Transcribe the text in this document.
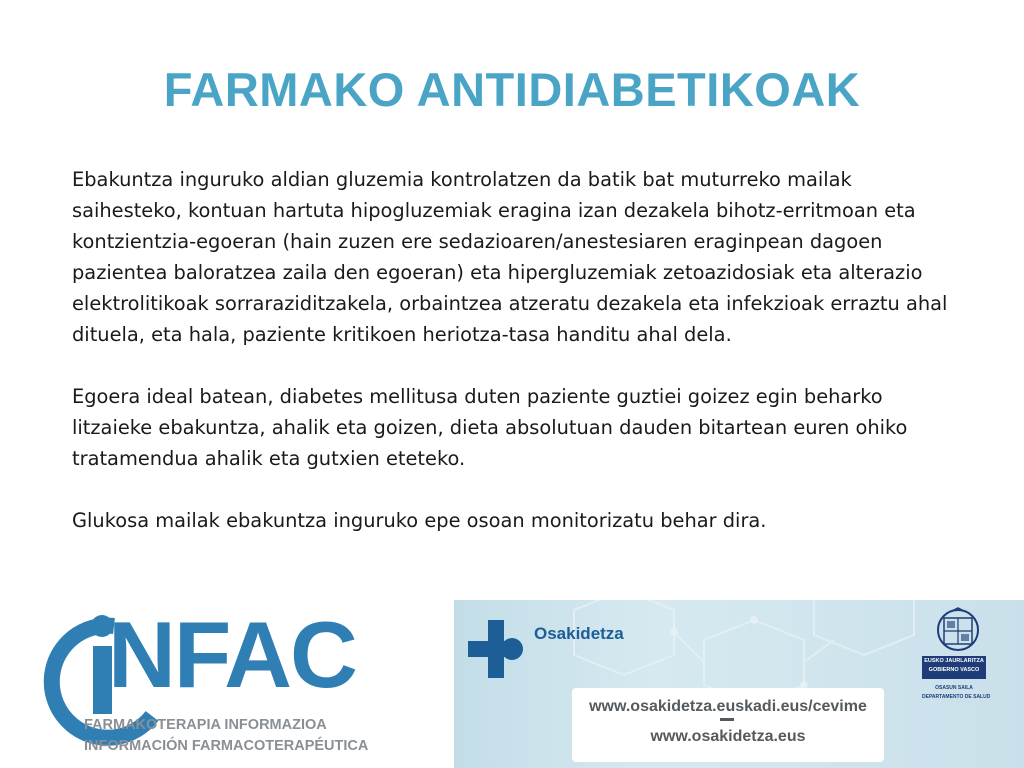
FARMAKO ANTIDIABETIKOAK

Ebakuntza inguruko aldian gluzemia kontrolatzen da batik bat muturreko mailak saihesteko, kontuan hartuta hipogluzemiak eragina izan dezakela bihotz-erritmoan eta kontzientzia-egoeran (hain zuzen ere sedazioaren/anestesiaren eraginpean dagoen pazientea baloratzea zaila den egoeran) eta hipergluzemiak zetoazidosiak eta alterazio elektrolitikoak sorraraziditzakela, orbaintzea atzeratu dezakela eta infekzioak erraztu ahal dituela, eta hala, paziente kritikoen heriotza-tasa handitu ahal dela.

Egoera ideal batean, diabetes mellitusa duten paziente guztiei goizez egin beharko litzaieke ebakuntza, ahalik eta goizen, dieta absolutuan dauden bitartean euren ohiko tratamendua ahalik eta gutxien eteteko.

Glukosa mailak ebakuntza inguruko epe osoan monitorizatu behar dira.

NFAC
FARMAKOTERAPIA INFORMAZIOA
INFORMACIÓN FARMACOTERAPÉUTICA
Osakidetza
www.osakidetza.euskadi.eus/cevime
www.osakidetza.eus
EUSKO JAURLARITZA
GOBIERNO VASCO
OSASUN SAILA
DEPARTAMENTO DE SALUD
